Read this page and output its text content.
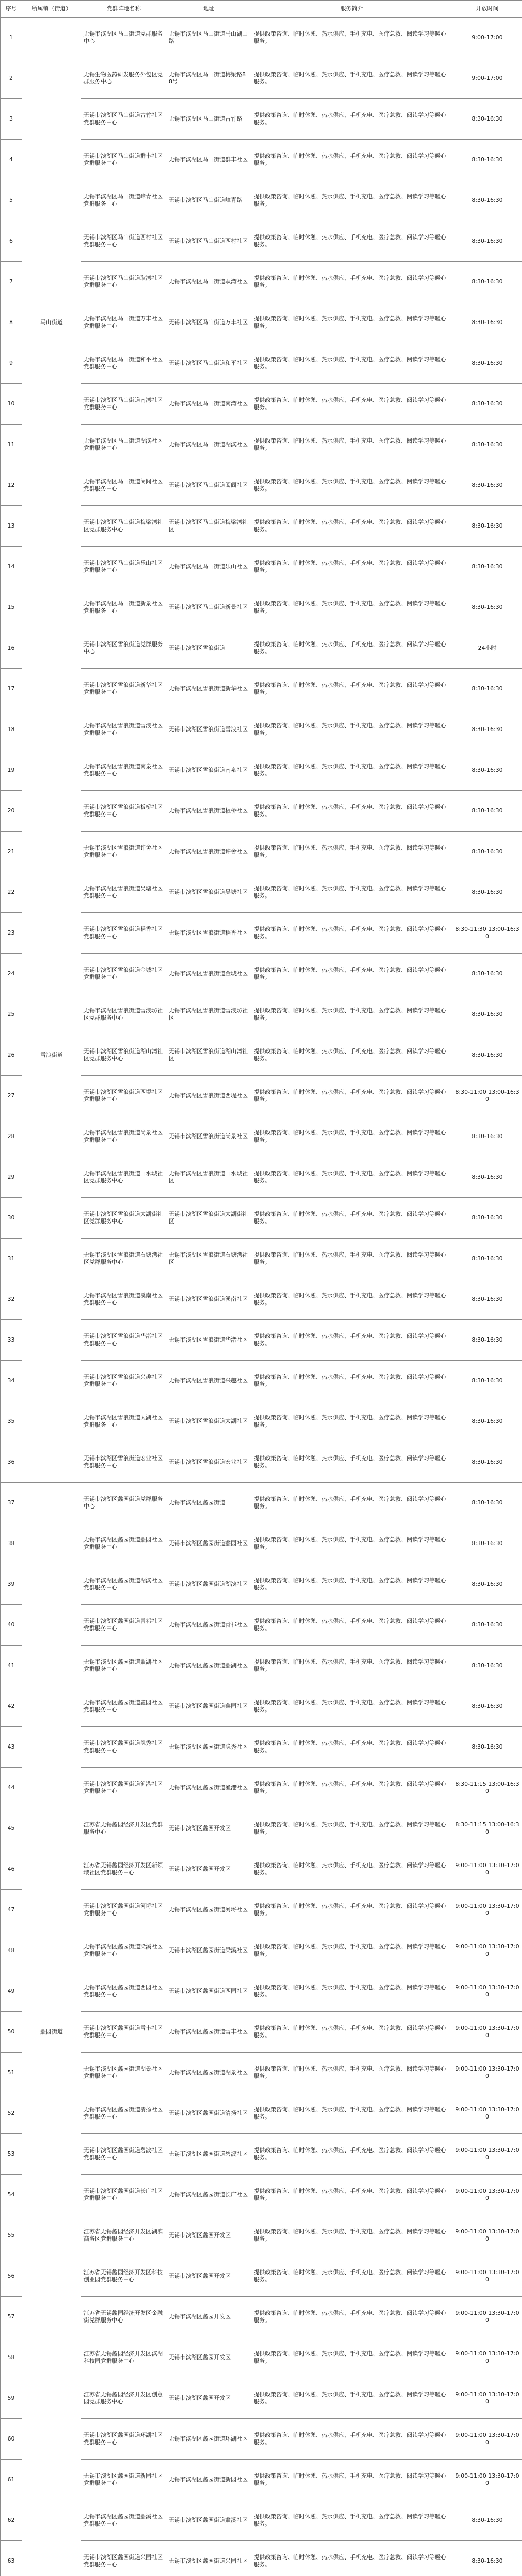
序号	所属镇（街道）	党群阵地名称	地址	服务简介	开放时间
1	马山街道	无锡市滨湖区马山街道党群服务中心	无锡市滨湖区马山街道马山湖山路	提供政策咨询、临时休憩、热水供应、手机充电、医疗急救、阅读学习等暖心服务。	9:00-17:00
2		无锡生物医药研发服务外包区党群服务中心	无锡市滨湖区马山街道梅梁路88号	提供政策咨询、临时休憩、热水供应、手机充电、医疗急救、阅读学习等暖心服务。	9:00-17:00
3		无锡市滨湖区马山街道古竹社区党群服务中心	无锡市滨湖区马山街道古竹路	提供政策咨询、临时休憩、热水供应、手机充电、医疗急救、阅读学习等暖心服务。	8:30-16:30
4		无锡市滨湖区马山街道群丰社区党群服务中心	无锡市滨湖区马山街道群丰社区	提供政策咨询、临时休憩、热水供应、手机充电、医疗急救、阅读学习等暖心服务。	8:30-16:30
5		无锡市滨湖区马山街道嶂青社区党群服务中心	无锡市滨湖区马山街道嶂青路	提供政策咨询、临时休憩、热水供应、手机充电、医疗急救、阅读学习等暖心服务。	8:30-16:30
6		无锡市滨湖区马山街道西村社区党群服务中心	无锡市滨湖区马山街道西村社区	提供政策咨询、临时休憩、热水供应、手机充电、医疗急救、阅读学习等暖心服务。	8:30-16:30
7		无锡市滨湖区马山街道耿湾社区党群服务中心	无锡市滨湖区马山街道耿湾社区	提供政策咨询、临时休憩、热水供应、手机充电、医疗急救、阅读学习等暖心服务。	8:30-16:30
8		无锡市滨湖区马山街道万丰社区党群服务中心	无锡市滨湖区马山街道万丰社区	提供政策咨询、临时休憩、热水供应、手机充电、医疗急救、阅读学习等暖心服务。	8:30-16:30
9		无锡市滨湖区马山街道和平社区党群服务中心	无锡市滨湖区马山街道和平社区	提供政策咨询、临时休憩、热水供应、手机充电、医疗急救、阅读学习等暖心服务。	8:30-16:30
10		无锡市滨湖区马山街道南湾社区党群服务中心	无锡市滨湖区马山街道南湾社区	提供政策咨询、临时休憩、热水供应、手机充电、医疗急救、阅读学习等暖心服务。	8:30-16:30
11		无锡市滨湖区马山街道湖滨社区党群服务中心	无锡市滨湖区马山街道湖滨社区	提供政策咨询、临时休憩、热水供应、手机充电、医疗急救、阅读学习等暖心服务。	8:30-16:30
12		无锡市滨湖区马山街道阖闾社区党群服务中心	无锡市滨湖区马山街道阖闾社区	提供政策咨询、临时休憩、热水供应、手机充电、医疗急救、阅读学习等暖心服务。	8:30-16:30
13		无锡市滨湖区马山街道梅梁湾社区党群服务中心	无锡市滨湖区马山街道梅梁湾社区	提供政策咨询、临时休憩、热水供应、手机充电、医疗急救、阅读学习等暖心服务。	8:30-16:30
14		无锡市滨湖区马山街道乐山社区党群服务中心	无锡市滨湖区马山街道乐山社区	提供政策咨询、临时休憩、热水供应、手机充电、医疗急救、阅读学习等暖心服务。	8:30-16:30
15		无锡市滨湖区马山街道新景社区党群服务中心	无锡市滨湖区马山街道新景社区	提供政策咨询、临时休憩、热水供应、手机充电、医疗急救、阅读学习等暖心服务。	8:30-16:30
16	雪浪街道	无锡市滨湖区雪浪街道党群服务中心	无锡市滨湖区雪浪街道	提供政策咨询、临时休憩、热水供应、手机充电、医疗急救、阅读学习等暖心服务。	24小时
17		无锡市滨湖区雪浪街道新华社区党群服务中心	无锡市滨湖区雪浪街道新华社区	提供政策咨询、临时休憩、热水供应、手机充电、医疗急救、阅读学习等暖心服务。	8:30-16:30
18		无锡市滨湖区雪浪街道雪浪社区党群服务中心	无锡市滨湖区雪浪街道雪浪社区	提供政策咨询、临时休憩、热水供应、手机充电、医疗急救、阅读学习等暖心服务。	8:30-16:30
19		无锡市滨湖区雪浪街道南泉社区党群服务中心	无锡市滨湖区雪浪街道南泉社区	提供政策咨询、临时休憩、热水供应、手机充电、医疗急救、阅读学习等暖心服务。	8:30-16:30
20		无锡市滨湖区雪浪街道板桥社区党群服务中心	无锡市滨湖区雪浪街道板桥社区	提供政策咨询、临时休憩、热水供应、手机充电、医疗急救、阅读学习等暖心服务。	8:30-16:30
21		无锡市滨湖区雪浪街道许舍社区党群服务中心	无锡市滨湖区雪浪街道许舍社区	提供政策咨询、临时休憩、热水供应、手机充电、医疗急救、阅读学习等暖心服务。	8:30-16:30
22		无锡市滨湖区雪浪街道吴塘社区党群服务中心	无锡市滨湖区雪浪街道吴塘社区	提供政策咨询、临时休憩、热水供应、手机充电、医疗急救、阅读学习等暖心服务。	8:30-16:30
23		无锡市滨湖区雪浪街道稻香社区党群服务中心	无锡市滨湖区雪浪街道稻香社区	提供政策咨询、临时休憩、热水供应、手机充电、医疗急救、阅读学习等暖心服务。	8:30-11:30 13:00-16:30
24		无锡市滨湖区雪浪街道金城社区党群服务中心	无锡市滨湖区雪浪街道金城社区	提供政策咨询、临时休憩、热水供应、手机充电、医疗急救、阅读学习等暖心服务。	8:30-16:30
25		无锡市滨湖区雪浪街道雪浪坊社区党群服务中心	无锡市滨湖区雪浪街道雪浪坊社区	提供政策咨询、临时休憩、热水供应、手机充电、医疗急救、阅读学习等暖心服务。	8:30-16:30
26		无锡市滨湖区雪浪街道湖山湾社区党群服务中心	无锡市滨湖区雪浪街道湖山湾社区	提供政策咨询、临时休憩、热水供应、手机充电、医疗急救、阅读学习等暖心服务。	8:30-16:30
27		无锡市滨湖区雪浪街道西堤社区党群服务中心	无锡市滨湖区雪浪街道西堤社区	提供政策咨询、临时休憩、热水供应、手机充电、医疗急救、阅读学习等暖心服务。	8:30-11:00 13:00-16:30
28		无锡市滨湖区雪浪街道尚景社区党群服务中心	无锡市滨湖区雪浪街道尚景社区	提供政策咨询、临时休憩、热水供应、手机充电、医疗急救、阅读学习等暖心服务。	8:30-16:30
29		无锡市滨湖区雪浪街道山水城社区党群服务中心	无锡市滨湖区雪浪街道山水城社区	提供政策咨询、临时休憩、热水供应、手机充电、医疗急救、阅读学习等暖心服务。	8:30-16:30
30		无锡市滨湖区雪浪街道太湖街社区党群服务中心	无锡市滨湖区雪浪街道太湖街社区	提供政策咨询、临时休憩、热水供应、手机充电、医疗急救、阅读学习等暖心服务。	8:30-16:30
31		无锡市滨湖区雪浪街道石塘湾社区党群服务中心	无锡市滨湖区雪浪街道石塘湾社区	提供政策咨询、临时休憩、热水供应、手机充电、医疗急救、阅读学习等暖心服务。	8:30-16:30
32		无锡市滨湖区雪浪街道溪南社区党群服务中心	无锡市滨湖区雪浪街道溪南社区	提供政策咨询、临时休憩、热水供应、手机充电、医疗急救、阅读学习等暖心服务。	8:30-16:30
33		无锡市滨湖区雪浪街道华渚社区党群服务中心	无锡市滨湖区雪浪街道华渚社区	提供政策咨询、临时休憩、热水供应、手机充电、医疗急救、阅读学习等暖心服务。	8:30-16:30
34		无锡市滨湖区雪浪街道兴趣社区党群服务中心	无锡市滨湖区雪浪街道兴趣社区	提供政策咨询、临时休憩、热水供应、手机充电、医疗急救、阅读学习等暖心服务。	8:30-16:30
35		无锡市滨湖区雪浪街道太湖社区党群服务中心	无锡市滨湖区雪浪街道太湖社区	提供政策咨询、临时休憩、热水供应、手机充电、医疗急救、阅读学习等暖心服务。	8:30-16:30
36		无锡市滨湖区雪浪街道宏业社区党群服务中心	无锡市滨湖区雪浪街道宏业社区	提供政策咨询、临时休憩、热水供应、手机充电、医疗急救、阅读学习等暖心服务。	8:30-16:30
37	蠡园街道	无锡市滨湖区蠡园街道党群服务中心	无锡市滨湖区蠡园街道	提供政策咨询、临时休憩、热水供应、手机充电、医疗急救、阅读学习等暖心服务。	8:30-16:30
38		无锡市滨湖区蠡园街道蠡园社区党群服务中心	无锡市滨湖区蠡园街道蠡园社区	提供政策咨询、临时休憩、热水供应、手机充电、医疗急救、阅读学习等暖心服务。	8:30-16:30
39		无锡市滨湖区蠡园街道湖滨社区党群服务中心	无锡市滨湖区蠡园街道湖滨社区	提供政策咨询、临时休憩、热水供应、手机充电、医疗急救、阅读学习等暖心服务。	8:30-16:30
40		无锡市滨湖区蠡园街道青祁社区党群服务中心	无锡市滨湖区蠡园街道青祁社区	提供政策咨询、临时休憩、热水供应、手机充电、医疗急救、阅读学习等暖心服务。	8:30-16:30
41		无锡市滨湖区蠡园街道蠡湖社区党群服务中心	无锡市滨湖区蠡园街道蠡湖社区	提供政策咨询、临时休憩、热水供应、手机充电、医疗急救、阅读学习等暖心服务。	8:30-16:30
42		无锡市滨湖区蠡园街道鑫园社区党群服务中心	无锡市滨湖区蠡园街道鑫园社区	提供政策咨询、临时休憩、热水供应、手机充电、医疗急救、阅读学习等暖心服务。	8:30-16:30
43		无锡市滨湖区蠡园街道隐秀社区党群服务中心	无锡市滨湖区蠡园街道隐秀社区	提供政策咨询、临时休憩、热水供应、手机充电、医疗急救、阅读学习等暖心服务。	8:30-16:30
44		无锡市滨湖区蠡园街道渔港社区党群服务中心	无锡市滨湖区蠡园街道渔港社区	提供政策咨询、临时休憩、热水供应、手机充电、医疗急救、阅读学习等暖心服务。	8:30-11:15 13:00-16:30
45		江苏省无锡蠡园经济开发区党群服务中心	无锡市滨湖区蠡园开发区	提供政策咨询、临时休憩、热水供应、手机充电、医疗急救、阅读学习等暖心服务。	8:30-11:15 13:00-16:30
46		江苏省无锡蠡园经济开发区新领域社区党群服务中心	无锡市滨湖区蠡园开发区	提供政策咨询、临时休憩、热水供应、手机充电、医疗急救、阅读学习等暖心服务。	9:00-11:00 13:30-17:00
47		无锡市滨湖区蠡园街道河埒社区党群服务中心	无锡市滨湖区蠡园街道河埒社区	提供政策咨询、临时休憩、热水供应、手机充电、医疗急救、阅读学习等暖心服务。	9:00-11:00 13:30-17:00
48		无锡市滨湖区蠡园街道梁溪社区党群服务中心	无锡市滨湖区蠡园街道梁溪社区	提供政策咨询、临时休憩、热水供应、手机充电、医疗急救、阅读学习等暖心服务。	9:00-11:00 13:30-17:00
49		无锡市滨湖区蠡园街道西园社区党群服务中心	无锡市滨湖区蠡园街道西园社区	提供政策咨询、临时休憩、热水供应、手机充电、医疗急救、阅读学习等暖心服务。	9:00-11:00 13:30-17:00
50		无锡市滨湖区蠡园街道雪丰社区党群服务中心	无锡市滨湖区蠡园街道雪丰社区	提供政策咨询、临时休憩、热水供应、手机充电、医疗急救、阅读学习等暖心服务。	9:00-11:00 13:30-17:00
51		无锡市滨湖区蠡园街道湖景社区党群服务中心	无锡市滨湖区蠡园街道湖景社区	提供政策咨询、临时休憩、热水供应、手机充电、医疗急救、阅读学习等暖心服务。	9:00-11:00 13:30-17:00
52		无锡市滨湖区蠡园街道清扬社区党群服务中心	无锡市滨湖区蠡园街道清扬社区	提供政策咨询、临时休憩、热水供应、手机充电、医疗急救、阅读学习等暖心服务。	9:00-11:00 13:30-17:00
53		无锡市滨湖区蠡园街道碧波社区党群服务中心	无锡市滨湖区蠡园街道碧波社区	提供政策咨询、临时休憩、热水供应、手机充电、医疗急救、阅读学习等暖心服务。	9:00-11:00 13:30-17:00
54		无锡市滨湖区蠡园街道长广社区党群服务中心	无锡市滨湖区蠡园街道长广社区	提供政策咨询、临时休憩、热水供应、手机充电、医疗急救、阅读学习等暖心服务。	9:00-11:00 13:30-17:00
55		江苏省无锡蠡园经济开发区湖滨商务区党群服务中心	无锡市滨湖区蠡园开发区	提供政策咨询、临时休憩、热水供应、手机充电、医疗急救、阅读学习等暖心服务。	9:00-11:00 13:30-17:00
56		江苏省无锡蠡园经济开发区科技创业园党群服务中心	无锡市滨湖区蠡园开发区	提供政策咨询、临时休憩、热水供应、手机充电、医疗急救、阅读学习等暖心服务。	9:00-11:00 13:30-17:00
57		江苏省无锡蠡园经济开发区金融街党群服务中心	无锡市滨湖区蠡园开发区	提供政策咨询、临时休憩、热水供应、手机充电、医疗急救、阅读学习等暖心服务。	9:00-11:00 13:30-17:00
58		江苏省无锡蠡园经济开发区滨湖科技园党群服务中心	无锡市滨湖区蠡园开发区	提供政策咨询、临时休憩、热水供应、手机充电、医疗急救、阅读学习等暖心服务。	9:00-11:00 13:30-17:00
59		江苏省无锡蠡园经济开发区创意园党群服务中心	无锡市滨湖区蠡园开发区	提供政策咨询、临时休憩、热水供应、手机充电、医疗急救、阅读学习等暖心服务。	9:00-11:00 13:30-17:00
60		无锡市滨湖区蠡园街道环湖社区党群服务中心	无锡市滨湖区蠡园街道环湖社区	提供政策咨询、临时休憩、热水供应、手机充电、医疗急救、阅读学习等暖心服务。	9:00-11:00 13:30-17:00
61		无锡市滨湖区蠡园街道新园社区党群服务中心	无锡市滨湖区蠡园街道新园社区	提供政策咨询、临时休憩、热水供应、手机充电、医疗急救、阅读学习等暖心服务。	9:00-11:00 13:30-17:00
62		无锡市滨湖区蠡园街道蠡溪社区党群服务中心	无锡市滨湖区蠡园街道蠡溪社区	提供政策咨询、临时休憩、热水供应、手机充电、医疗急救、阅读学习等暖心服务。	8:30-16:30
63		无锡市滨湖区蠡园街道兴园社区党群服务中心	无锡市滨湖区蠡园街道兴园社区	提供政策咨询、临时休憩、热水供应、手机充电、医疗急救、阅读学习等暖心服务。	8:30-16:30
